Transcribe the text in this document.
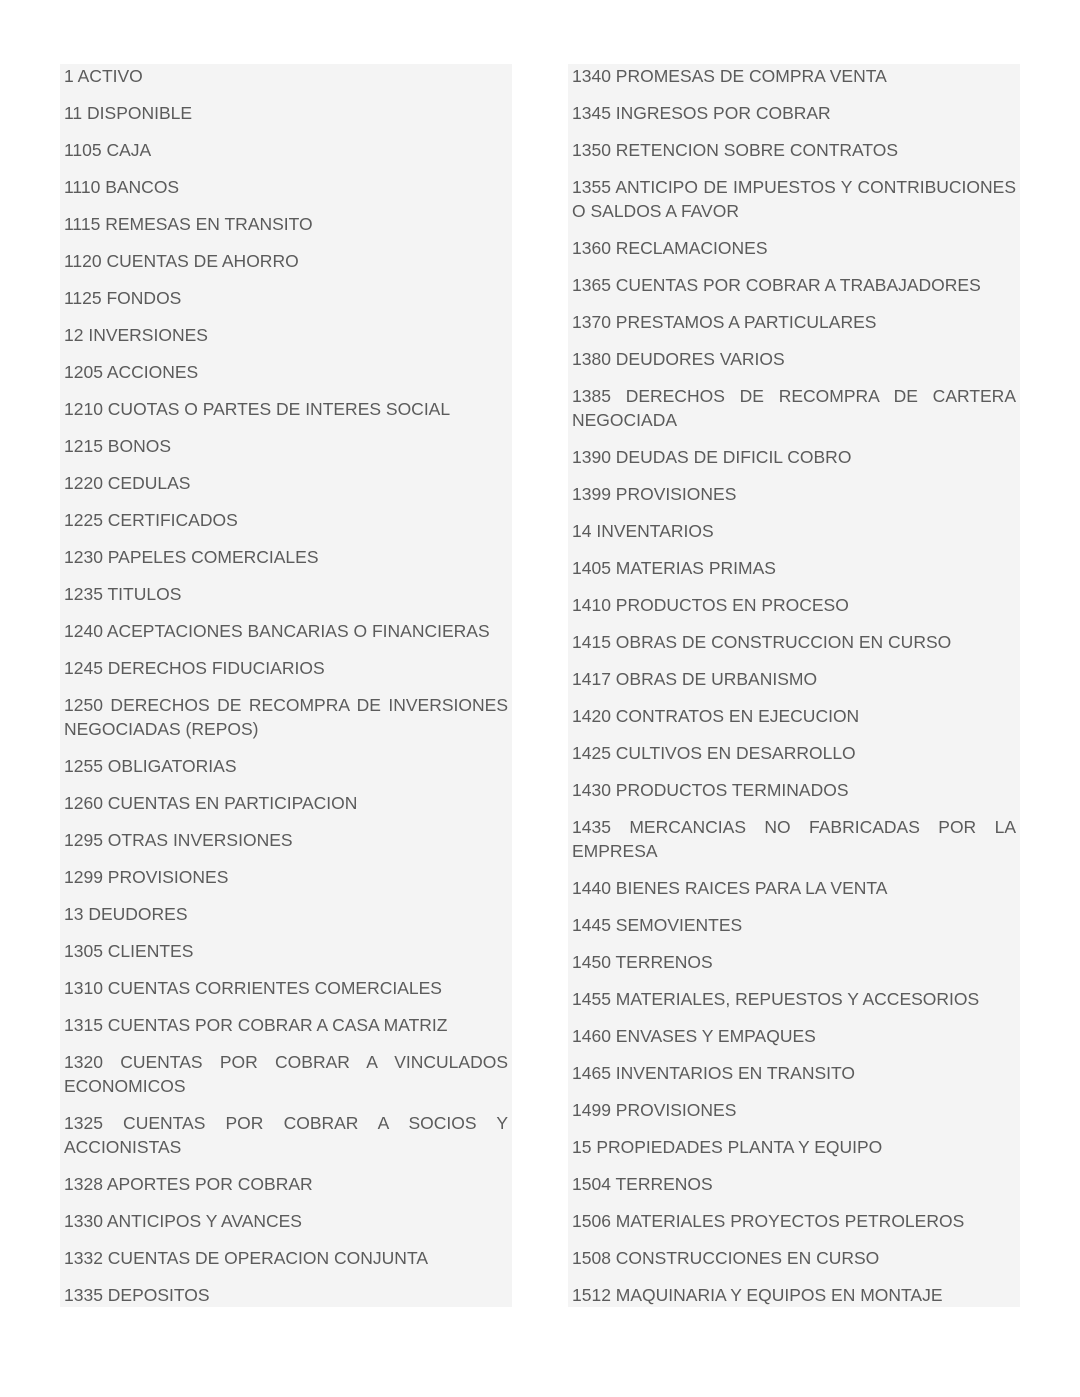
1 ACTIVO
11 DISPONIBLE
1105 CAJA
1110 BANCOS
1115 REMESAS EN TRANSITO
1120 CUENTAS DE AHORRO
1125 FONDOS
12 INVERSIONES
1205 ACCIONES
1210 CUOTAS O PARTES DE INTERES SOCIAL
1215 BONOS
1220 CEDULAS
1225 CERTIFICADOS
1230 PAPELES COMERCIALES
1235 TITULOS
1240 ACEPTACIONES BANCARIAS O FINANCIERAS
1245 DERECHOS FIDUCIARIOS
1250 DERECHOS DE RECOMPRA DE INVERSIONES NEGOCIADAS (REPOS)
1255 OBLIGATORIAS
1260 CUENTAS EN PARTICIPACION
1295 OTRAS INVERSIONES
1299 PROVISIONES
13 DEUDORES
1305 CLIENTES
1310 CUENTAS CORRIENTES COMERCIALES
1315 CUENTAS POR COBRAR A CASA MATRIZ
1320 CUENTAS POR COBRAR A VINCULADOS ECONOMICOS
1325 CUENTAS POR COBRAR A SOCIOS Y ACCIONISTAS
1328 APORTES POR COBRAR
1330 ANTICIPOS Y AVANCES
1332 CUENTAS DE OPERACION CONJUNTA
1335 DEPOSITOS
1340 PROMESAS DE COMPRA VENTA
1345 INGRESOS POR COBRAR
1350 RETENCION SOBRE CONTRATOS
1355 ANTICIPO DE IMPUESTOS Y CONTRIBUCIONES O SALDOS A FAVOR
1360 RECLAMACIONES
1365 CUENTAS POR COBRAR A TRABAJADORES
1370 PRESTAMOS A PARTICULARES
1380 DEUDORES VARIOS
1385 DERECHOS DE RECOMPRA DE CARTERA NEGOCIADA
1390 DEUDAS DE DIFICIL COBRO
1399 PROVISIONES
14 INVENTARIOS
1405 MATERIAS PRIMAS
1410 PRODUCTOS EN PROCESO
1415 OBRAS DE CONSTRUCCION EN CURSO
1417 OBRAS DE URBANISMO
1420 CONTRATOS EN EJECUCION
1425 CULTIVOS EN DESARROLLO
1430 PRODUCTOS TERMINADOS
1435 MERCANCIAS NO FABRICADAS POR LA EMPRESA
1440 BIENES RAICES PARA LA VENTA
1445 SEMOVIENTES
1450 TERRENOS
1455 MATERIALES, REPUESTOS Y ACCESORIOS
1460 ENVASES Y EMPAQUES
1465 INVENTARIOS EN TRANSITO
1499 PROVISIONES
15 PROPIEDADES PLANTA Y EQUIPO
1504 TERRENOS
1506 MATERIALES PROYECTOS PETROLEROS
1508 CONSTRUCCIONES EN CURSO
1512 MAQUINARIA Y EQUIPOS EN MONTAJE
